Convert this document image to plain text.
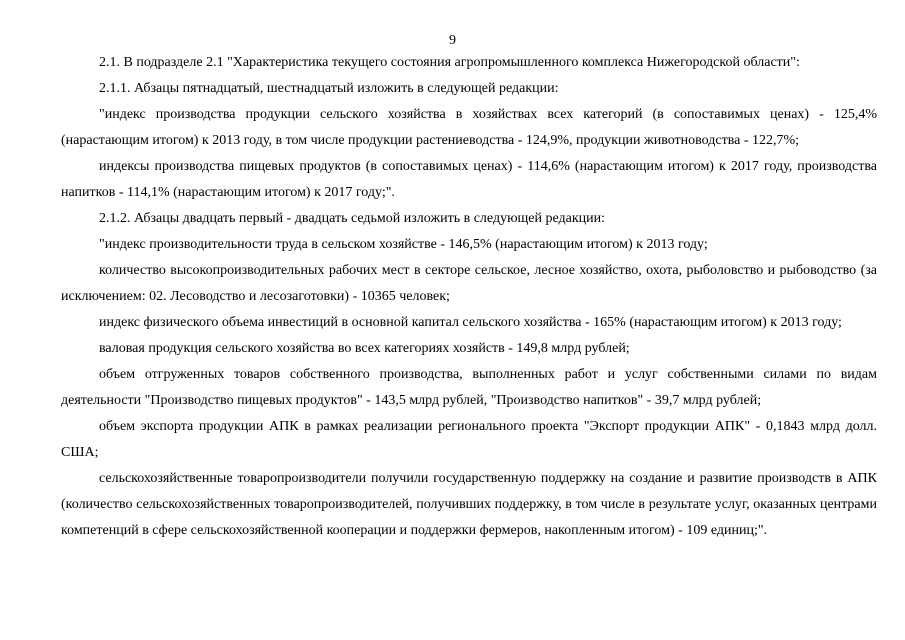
9

2.1. В подразделе 2.1 "Характеристика текущего состояния агропромышленного комплекса Нижегородской области":

2.1.1. Абзацы пятнадцатый, шестнадцатый изложить в следующей редакции:

"индекс производства продукции сельского хозяйства в хозяйствах всех категорий (в сопоставимых ценах) - 125,4% (нарастающим итогом) к 2013 году, в том числе продукции растениеводства - 124,9%, продукции животноводства - 122,7%;

индексы производства пищевых продуктов (в сопоставимых ценах) - 114,6% (нарастающим итогом) к 2017 году, производства напитков - 114,1% (нарастающим итогом) к 2017 году;".

2.1.2. Абзацы двадцать первый - двадцать седьмой изложить в следующей редакции:

"индекс производительности труда в сельском хозяйстве - 146,5% (нарастающим итогом) к 2013 году;

количество высокопроизводительных рабочих мест в секторе сельское, лесное хозяйство, охота, рыболовство и рыбоводство (за исключением: 02. Лесоводство и лесозаготовки) - 10365 человек;

индекс физического объема инвестиций в основной капитал сельского хозяйства - 165% (нарастающим итогом) к 2013 году;

валовая продукция сельского хозяйства во всех категориях хозяйств - 149,8 млрд рублей;

объем отгруженных товаров собственного производства, выполненных работ и услуг собственными силами по видам деятельности "Производство пищевых продуктов" - 143,5 млрд рублей, "Производство напитков" - 39,7 млрд рублей;

объем экспорта продукции АПК в рамках реализации регионального проекта "Экспорт продукции АПК" - 0,1843 млрд долл. США;

сельскохозяйственные товаропроизводители получили государственную поддержку на создание и развитие производств в АПК (количество сельскохозяйственных товаропроизводителей, получивших поддержку, в том числе в результате услуг, оказанных центрами компетенций в сфере сельскохозяйственной кооперации и поддержки фермеров, накопленным итогом) - 109 единиц;".
